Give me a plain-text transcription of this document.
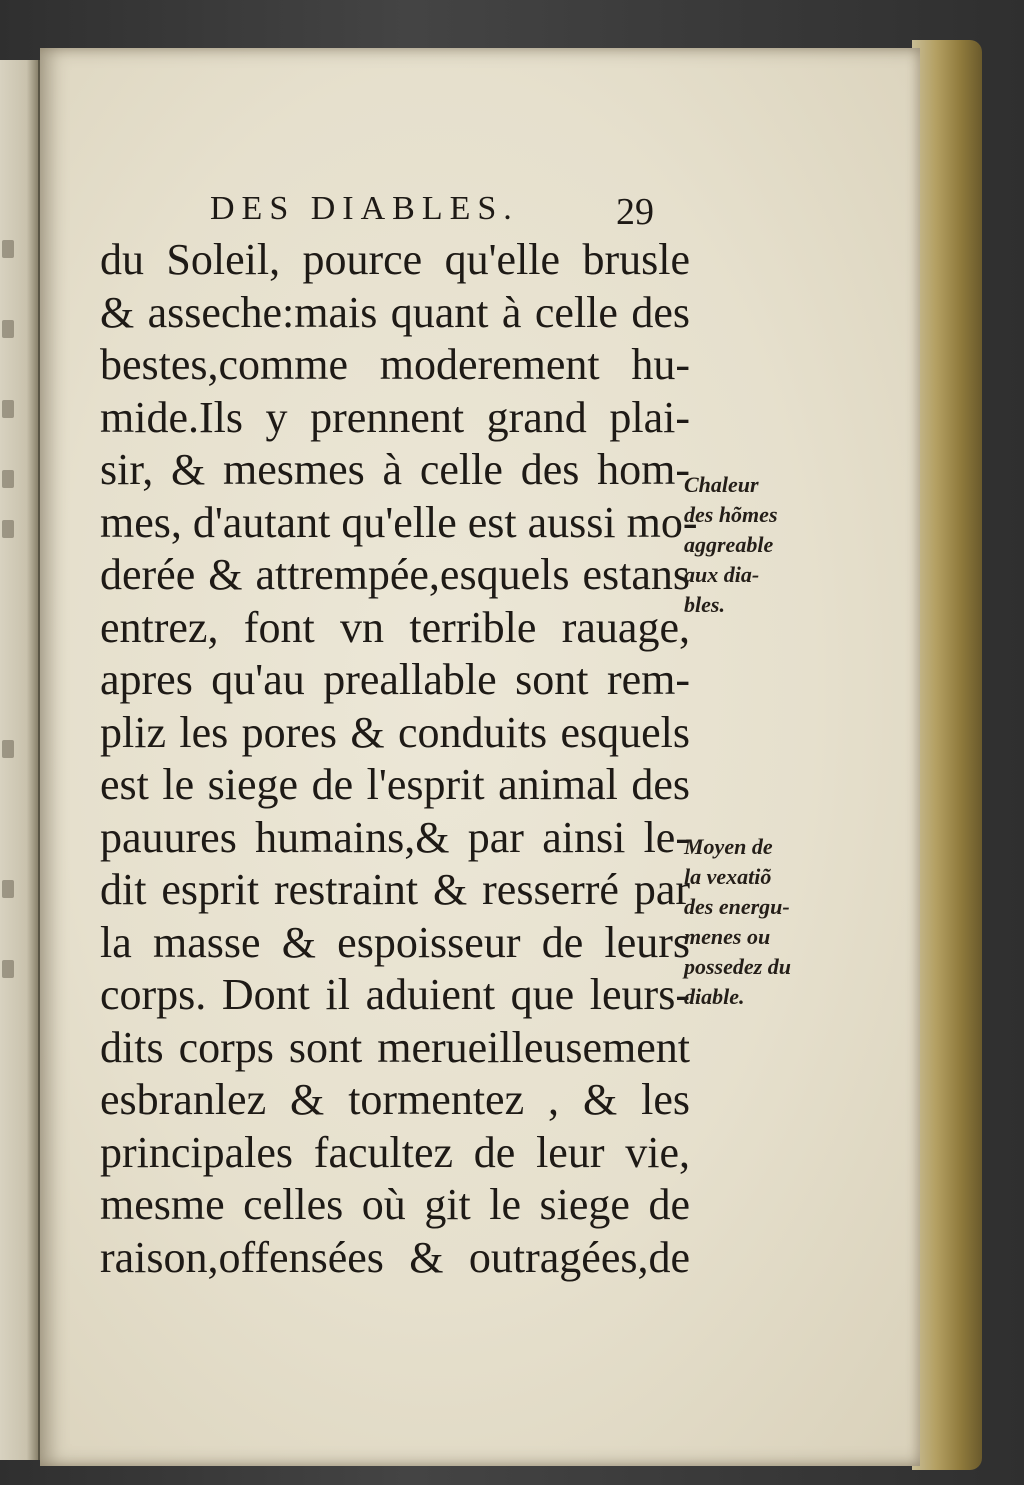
DES DIABLES.	29
du Soleil, pource qu'elle brusle
& asseche:mais quant à celle des
bestes,comme moderement hu-
mide.Ils y prennent grand plai-
sir, & mesmes à celle des hom-
mes, d'autant qu'elle est aussi mo-
derée & attrempée,esquels estans
entrez, font vn terrible rauage,
apres qu'au preallable sont rem-
pliz les pores & conduits esquels
est le siege de l'esprit animal des
pauures humains,& par ainsi le-
dit esprit restraint & resserré par
la masse & espoisseur de leurs
corps. Dont il aduient que leurs-
dits corps sont merueilleusement
esbranlez & tormentez , & les
principales facultez de leur vie,
mesme celles où git le siege de
raison,offensées & outragées,de
Chaleur
des hõmes
aggreable
aux dia-
bles.
Moyen de
la vexatiõ
des energu-
menes ou
possedez du
diable.
